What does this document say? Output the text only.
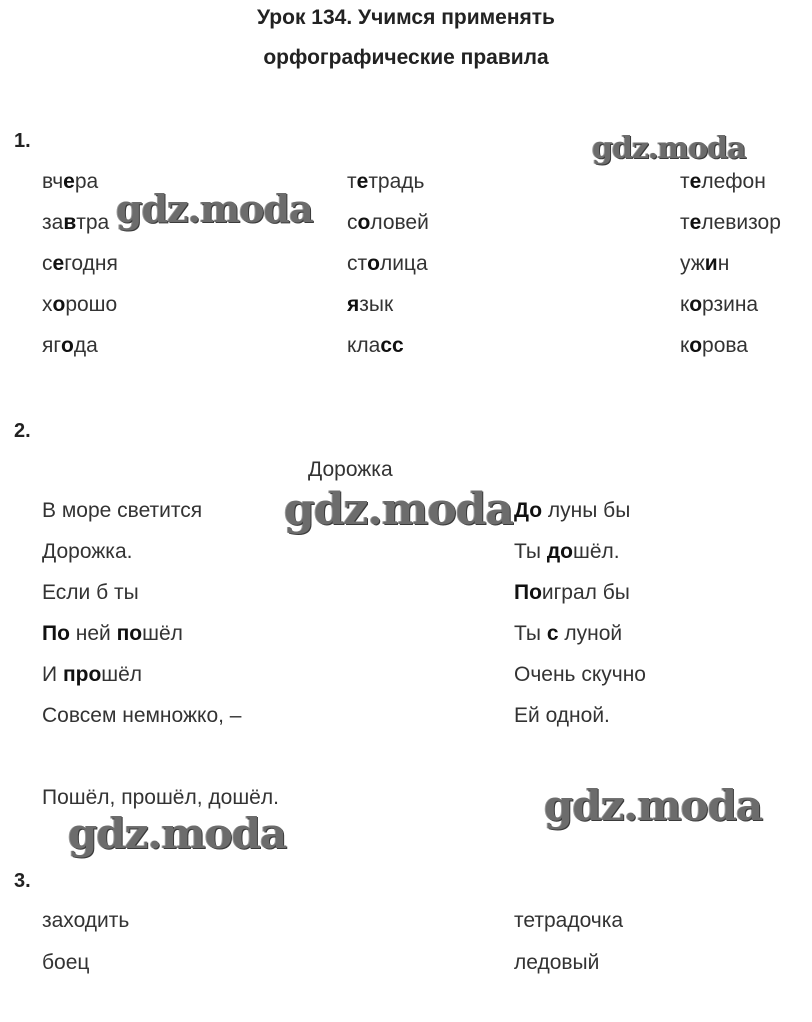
Урок 134. Учимся применять
орфографические правила
1.
вчера
завтра
сегодня
хорошо
ягода
тетрадь
соловей
столица
язык
класс
телефон
телевизор
ужин
корзина
корова
2.
Дорожка
В море светится
Дорожка.
Если б ты
По ней пошёл
И прошёл
Совсем немножко, –
До луны бы
Ты дошёл.
Поиграл бы
Ты с луной
Очень скучно
Ей одной.
Пошёл, прошёл, дошёл.
3.
заходить
боец
тетрадочка
ледовый
gdz.moda
gdz.moda
gdz.moda
gdz.moda
gdz.moda
